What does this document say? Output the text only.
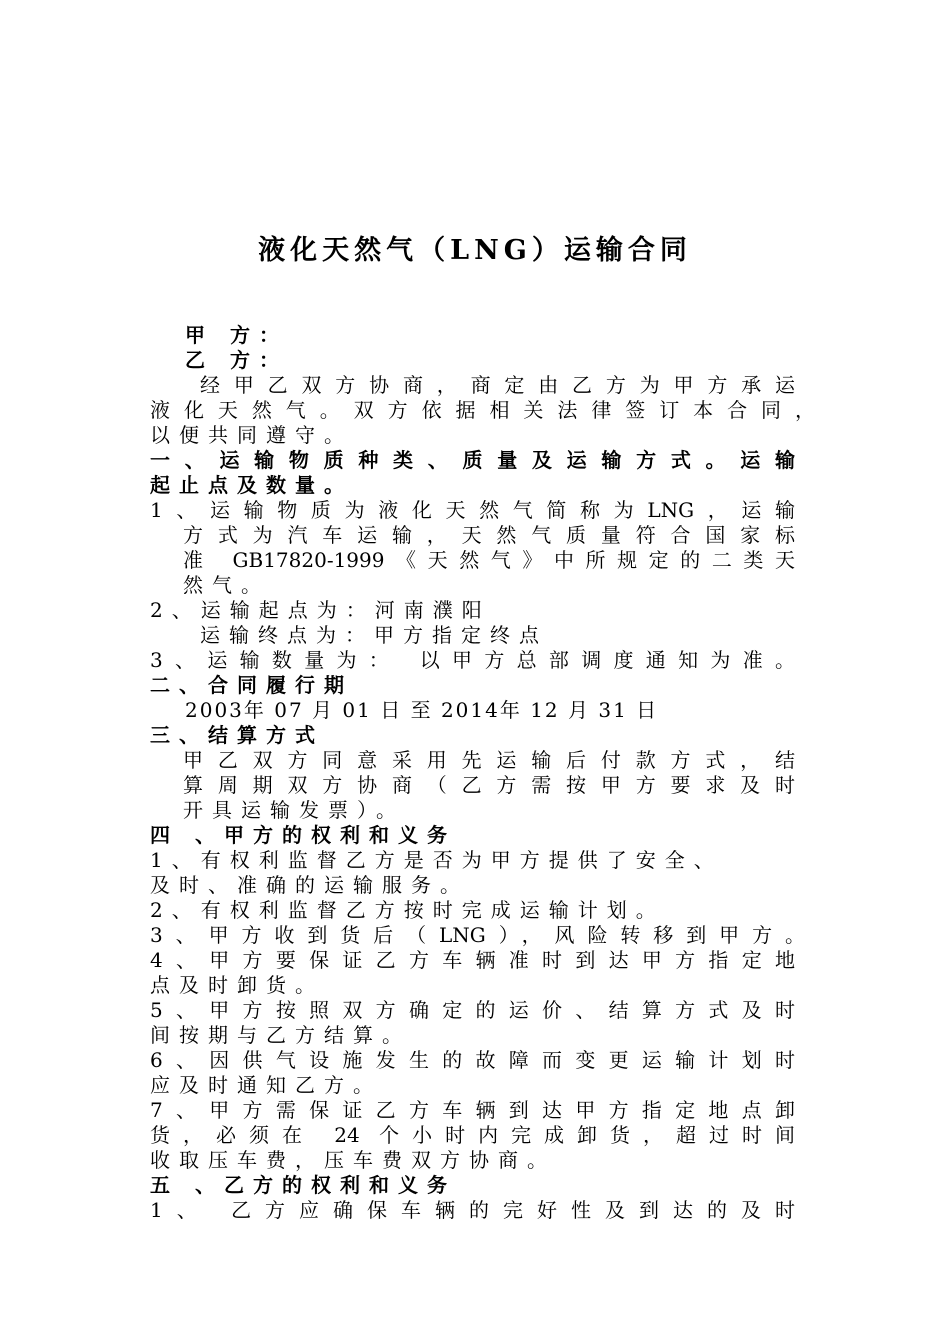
液化天然气（LNG）运输合同
甲 方：
乙 方：
经甲乙双方协商，商定由乙方为甲方承运
液化天然气。双方依据相关法律签订本合同，
以便共同遵守。
一、运输物质种类、质量及运输方式。运输
起止点及数量。
1、运输物质为液化天然气简称为LNG，运输
方式为汽车运输，天然气质量符合国家标
准 GB17820-1999《天然气》中所规定的二类天
然气。
2、运输起点为：河南濮阳
运输终点为：甲方指定终点
3、运输数量为： 以甲方总部调度通知为准。
二、合同履行期
2003年 07 月 01 日 至 2014年 12 月 31 日
三、结算方式
甲乙双方同意采用先运输后付款方式，结
算周期双方协商（乙方需按甲方要求及时
开具运输发票）。
四 、甲方的权利和义务
1、有权利监督乙方是否为甲方提供了安全、
及时、准确的运输服务。
2、有权利监督乙方按时完成运输计划。
3、甲方收到货后（LNG），风险转移到甲方。
4、甲方要保证乙方车辆准时到达甲方指定地
点及时卸货。
5、甲方按照双方确定的运价、结算方式及时
间按期与乙方结算。
6、因供气设施发生的故障而变更运输计划时
应及时通知乙方。
7、甲方需保证乙方车辆到达甲方指定地点卸
货，必须在 24 个小时内完成卸货，超过时间
收取压车费，压车费双方协商。
五 、乙方的权利和义务
1、 乙方应确保车辆的完好性及到达的及时
